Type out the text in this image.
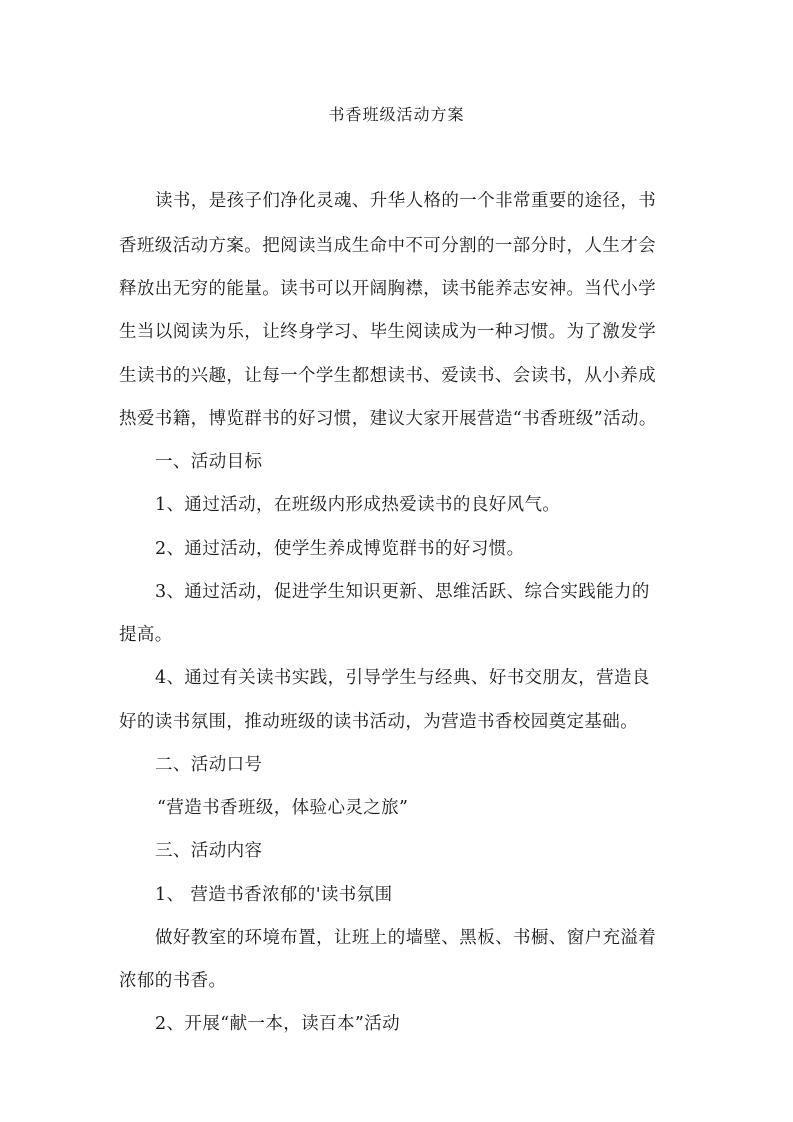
书香班级活动方案
读书，是孩子们净化灵魂、升华人格的一个非常重要的途径，书
香班级活动方案。把阅读当成生命中不可分割的一部分时，人生才会
释放出无穷的能量。读书可以开阔胸襟，读书能养志安神。当代小学
生当以阅读为乐，让终身学习、毕生阅读成为一种习惯。为了激发学
生读书的兴趣，让每一个学生都想读书、爱读书、会读书，从小养成
热爱书籍，博览群书的好习惯，建议大家开展营造“书香班级”活动。
一、活动目标
1、通过活动，在班级内形成热爱读书的良好风气。
2、通过活动，使学生养成博览群书的好习惯。
3、通过活动，促进学生知识更新、思维活跃、综合实践能力的
提高。
4、通过有关读书实践，引导学生与经典、好书交朋友，营造良
好的读书氛围，推动班级的读书活动，为营造书香校园奠定基础。
二、活动口号
“营造书香班级，体验心灵之旅”
三、活动内容
1、 营造书香浓郁的'读书氛围
做好教室的环境布置，让班上的墙壁、黑板、书橱、窗户充溢着
浓郁的书香。
2、开展“献一本，读百本”活动
